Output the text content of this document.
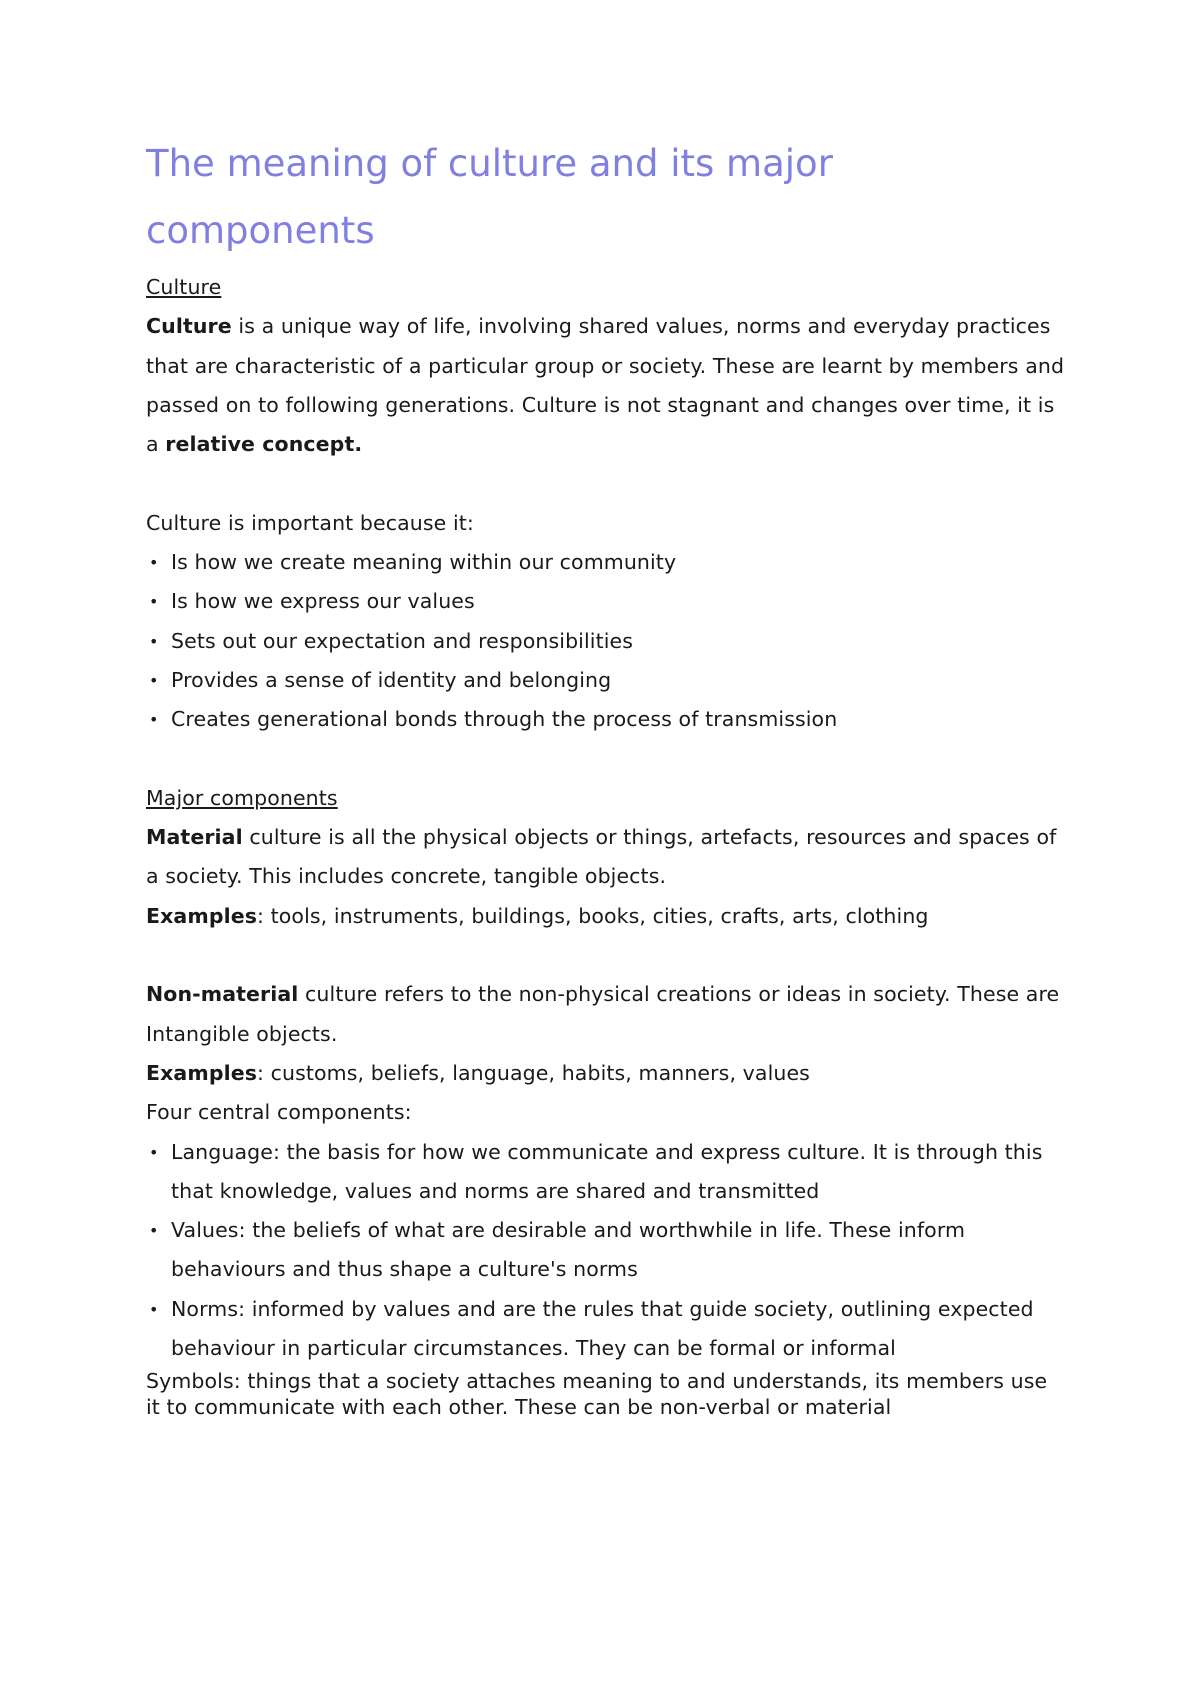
The meaning of culture and its major components

Culture

Culture is a unique way of life, involving shared values, norms and everyday practices that are characteristic of a particular group or society. These are learnt by members and passed on to following generations. Culture is not stagnant and changes over time, it is a relative concept.

Culture is important because it:

• Is how we create meaning within our community
• Is how we express our values
• Sets out our expectation and responsibilities
• Provides a sense of identity and belonging
• Creates generational bonds through the process of transmission

Major components

Material culture is all the physical objects or things, artefacts, resources and spaces of a society. This includes concrete, tangible objects.

Examples: tools, instruments, buildings, books, cities, crafts, arts, clothing

Non-material culture refers to the non-physical creations or ideas in society. These are Intangible objects.

Examples: customs, beliefs, language, habits, manners, values

Four central components:

• Language: the basis for how we communicate and express culture. It is through this that knowledge, values and norms are shared and transmitted
• Values: the beliefs of what are desirable and worthwhile in life. These inform behaviours and thus shape a culture's norms
• Norms: informed by values and are the rules that guide society, outlining expected behaviour in particular circumstances. They can be formal or informal

Symbols: things that a society attaches meaning to and understands, its members use it to communicate with each other. These can be non-verbal or material
